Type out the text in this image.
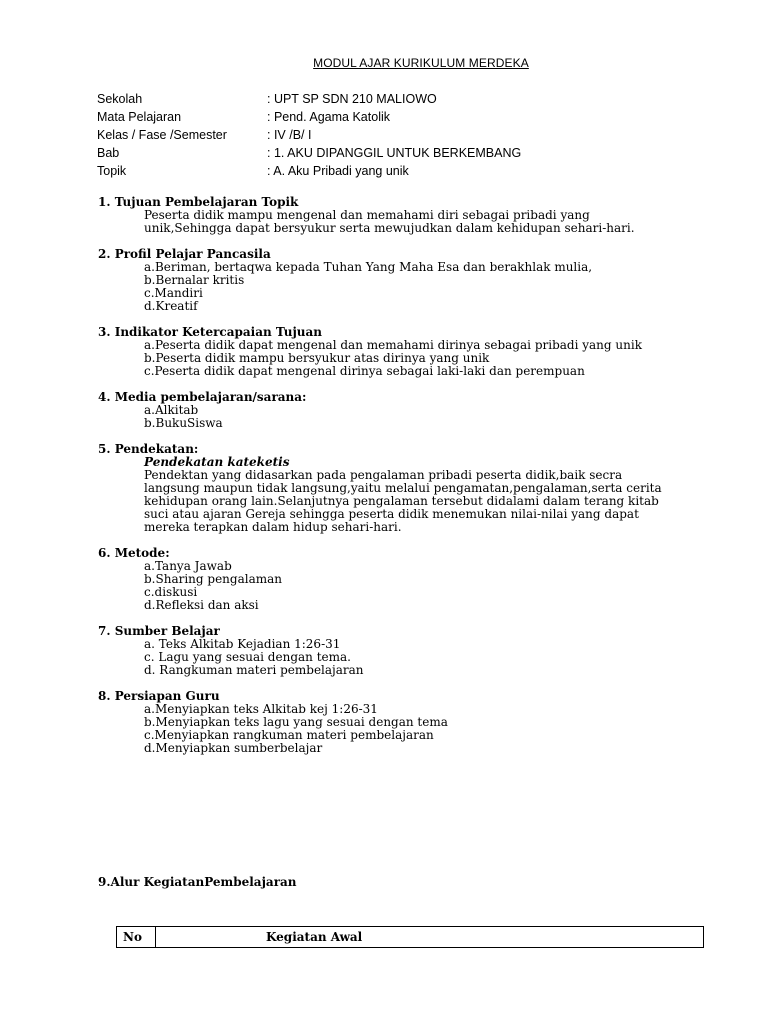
MODUL AJAR KURIKULUM MERDEKA
Sekolah	: UPT SP SDN 210 MALIOWO
Mata Pelajaran	: Pend. Agama Katolik
Kelas / Fase /Semester	: IV /B/ I
Bab	: 1. AKU DIPANGGIL UNTUK BERKEMBANG
Topik	: A. Aku Pribadi yang unik
1. Tujuan Pembelajaran Topik
Peserta didik mampu mengenal dan memahami diri sebagai pribadi yang
unik,Sehingga dapat bersyukur serta mewujudkan dalam kehidupan sehari-hari.
2. Profil Pelajar Pancasila
a.Beriman, bertaqwa kepada Tuhan Yang Maha Esa dan berakhlak mulia,
b.Bernalar kritis
c.Mandiri
d.Kreatif
3. Indikator Ketercapaian Tujuan
a.Peserta didik dapat mengenal dan memahami dirinya sebagai pribadi yang unik
b.Peserta didik mampu bersyukur atas dirinya yang unik
c.Peserta didik dapat mengenal dirinya sebagai laki-laki dan perempuan
4. Media pembelajaran/sarana:
a.Alkitab
b.BukuSiswa
5. Pendekatan:
Pendekatan kateketis
Pendektan yang didasarkan pada pengalaman pribadi peserta didik,baik secra
langsung maupun tidak langsung,yaitu melalui pengamatan,pengalaman,serta cerita
kehidupan orang lain.Selanjutnya pengalaman tersebut didalami dalam terang kitab
suci atau ajaran Gereja sehingga peserta didik menemukan nilai-nilai yang dapat
mereka terapkan dalam hidup sehari-hari.
6. Metode:
a.Tanya Jawab
b.Sharing pengalaman
c.diskusi
d.Refleksi dan aksi
7. Sumber Belajar
a. Teks Alkitab Kejadian 1:26-31
c. Lagu yang sesuai dengan tema.
d. Rangkuman materi pembelajaran
8. Persiapan Guru
a.Menyiapkan teks Alkitab kej 1:26-31
b.Menyiapkan teks lagu yang sesuai dengan tema
c.Menyiapkan rangkuman materi pembelajaran
d.Menyiapkan sumberbelajar
9.Alur KegiatanPembelajaran
No	Kegiatan Awal
